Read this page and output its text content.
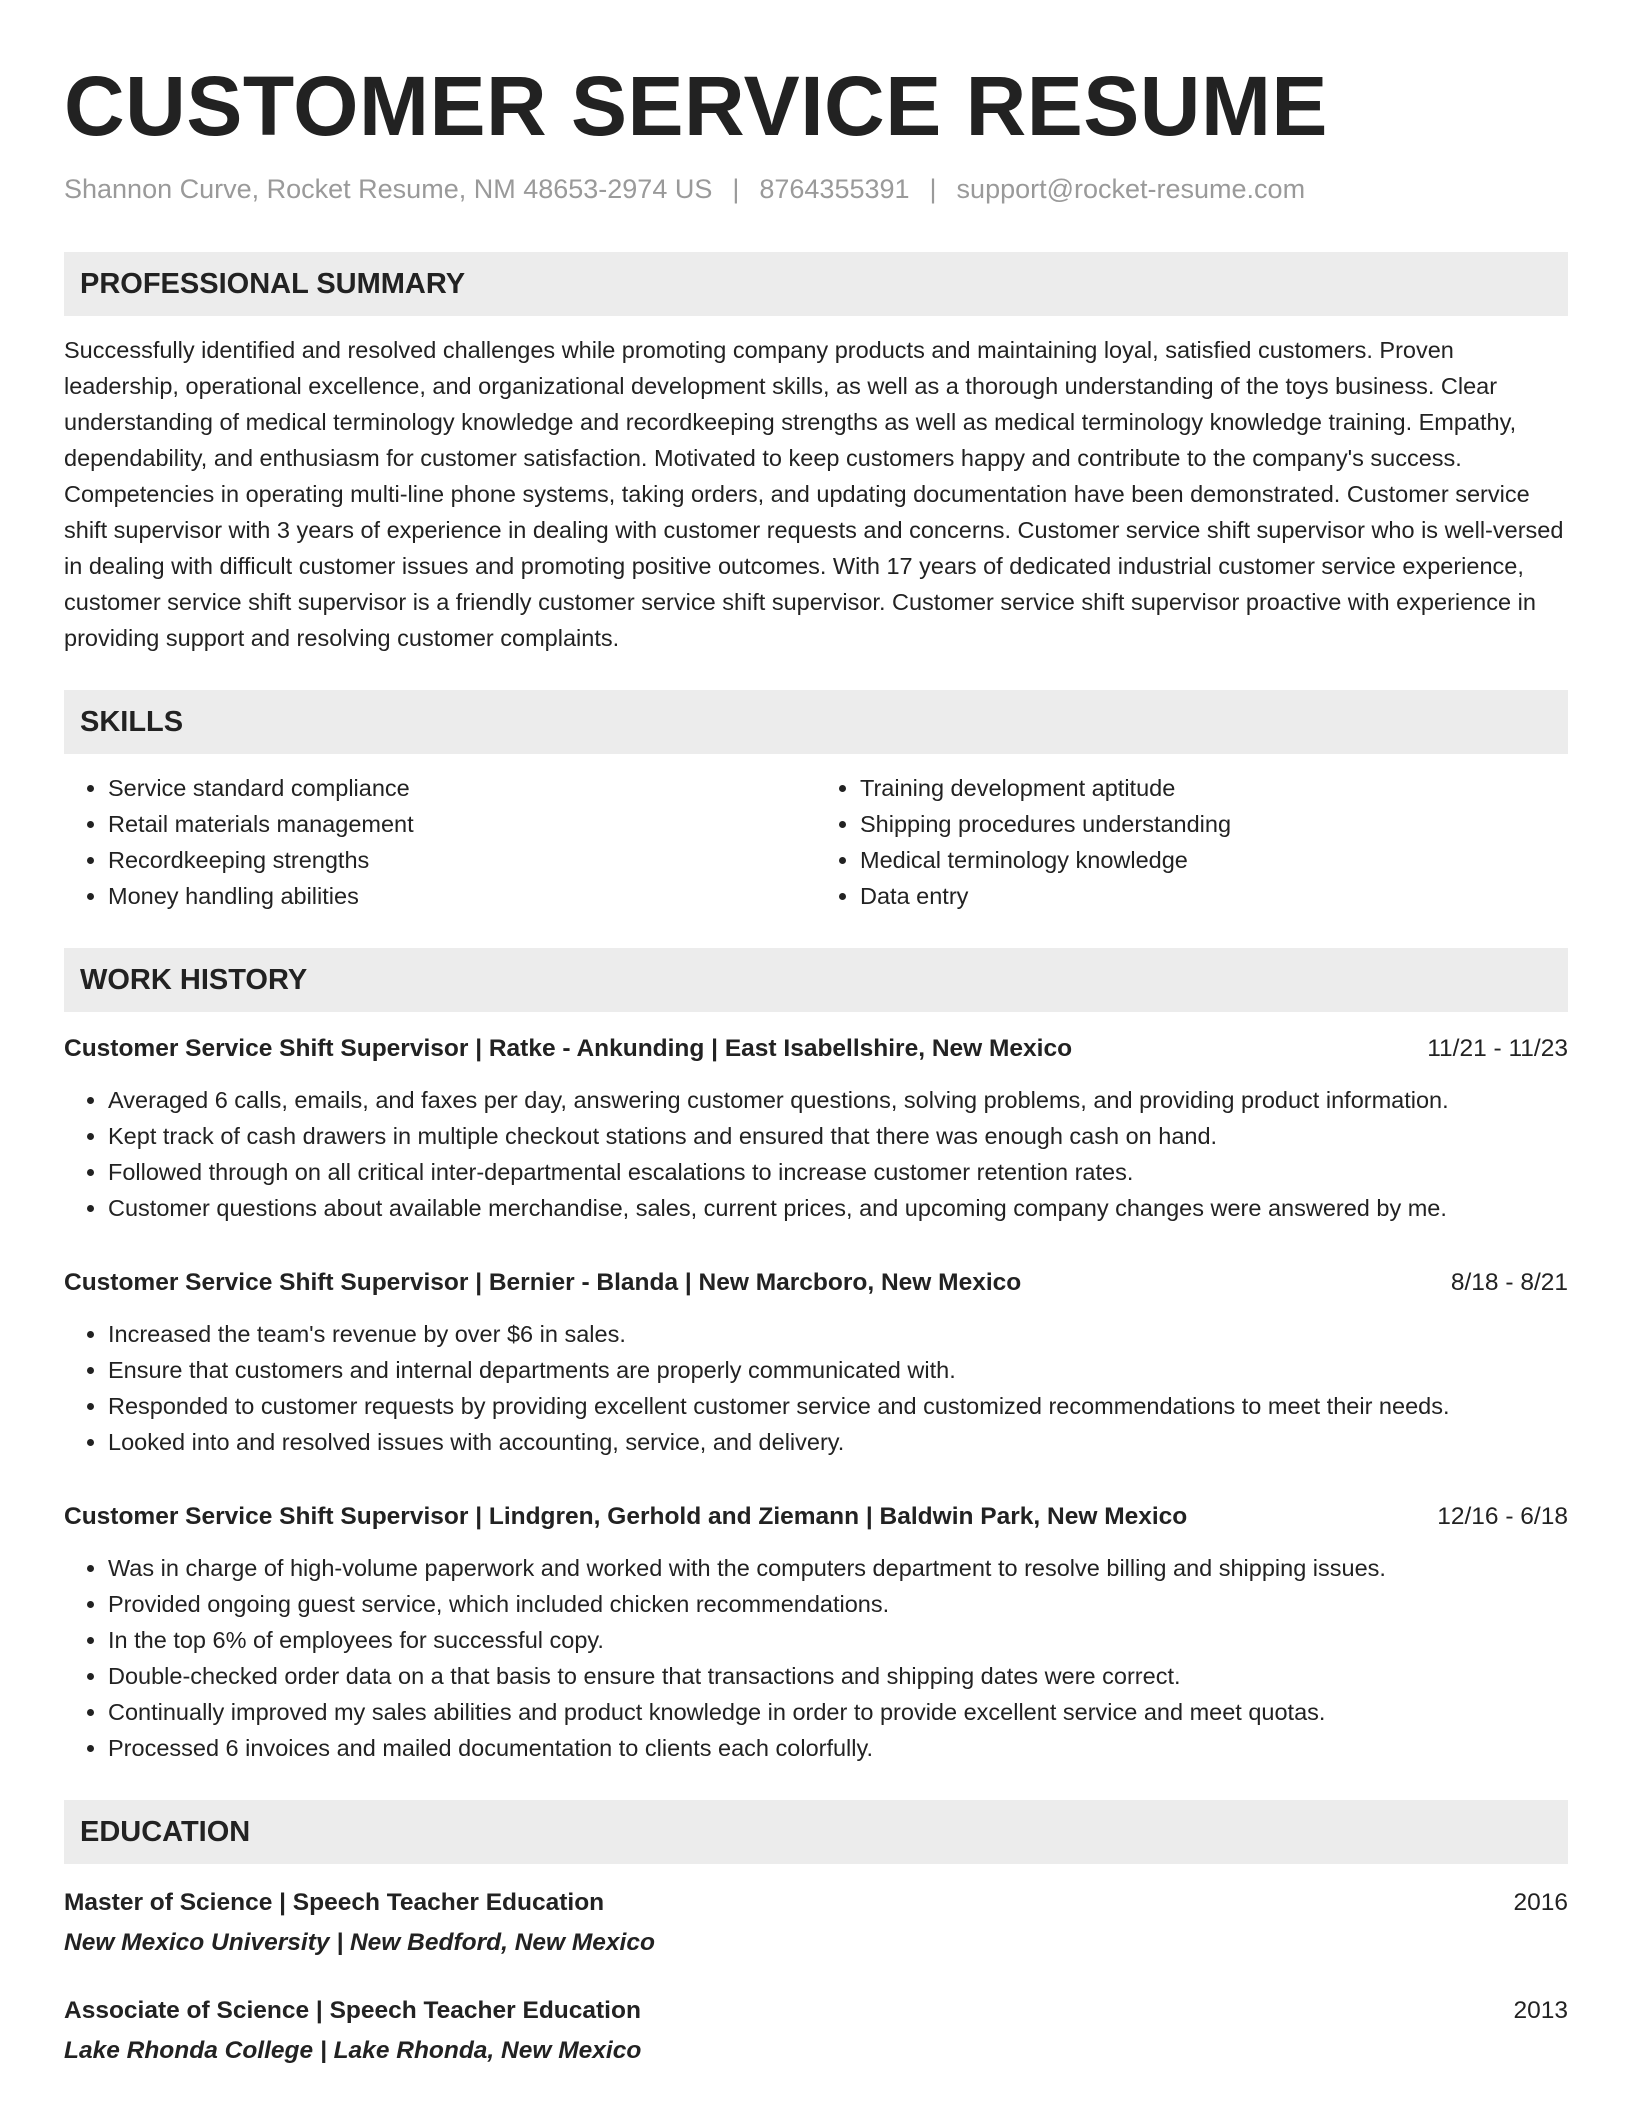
CUSTOMER SERVICE RESUME
Shannon Curve, Rocket Resume, NM 48653-2974 US | 8764355391 | support@rocket-resume.com
PROFESSIONAL SUMMARY

Successfully identified and resolved challenges while promoting company products and maintaining loyal, satisfied customers. Proven leadership, operational excellence, and organizational development skills, as well as a thorough understanding of the toys business. Clear understanding of medical terminology knowledge and recordkeeping strengths as well as medical terminology knowledge training. Empathy, dependability, and enthusiasm for customer satisfaction. Motivated to keep customers happy and contribute to the company's success. Competencies in operating multi-line phone systems, taking orders, and updating documentation have been demonstrated. Customer service shift supervisor with 3 years of experience in dealing with customer requests and concerns. Customer service shift supervisor who is well-versed in dealing with difficult customer issues and promoting positive outcomes. With 17 years of dedicated industrial customer service experience, customer service shift supervisor is a friendly customer service shift supervisor. Customer service shift supervisor proactive with experience in providing support and resolving customer complaints.

SKILLS
• Service standard compliance
• Retail materials management
• Recordkeeping strengths
• Money handling abilities
• Training development aptitude
• Shipping procedures understanding
• Medical terminology knowledge
• Data entry
WORK HISTORY
Customer Service Shift Supervisor | Ratke - Ankunding | East Isabellshire, New Mexico	11/21 - 11/23
• Averaged 6 calls, emails, and faxes per day, answering customer questions, solving problems, and providing product information.
• Kept track of cash drawers in multiple checkout stations and ensured that there was enough cash on hand.
• Followed through on all critical inter-departmental escalations to increase customer retention rates.
• Customer questions about available merchandise, sales, current prices, and upcoming company changes were answered by me.
Customer Service Shift Supervisor | Bernier - Blanda | New Marcboro, New Mexico	8/18 - 8/21
• Increased the team's revenue by over $6 in sales.
• Ensure that customers and internal departments are properly communicated with.
• Responded to customer requests by providing excellent customer service and customized recommendations to meet their needs.
• Looked into and resolved issues with accounting, service, and delivery.
Customer Service Shift Supervisor | Lindgren, Gerhold and Ziemann | Baldwin Park, New Mexico	12/16 - 6/18
• Was in charge of high-volume paperwork and worked with the computers department to resolve billing and shipping issues.
• Provided ongoing guest service, which included chicken recommendations.
• In the top 6% of employees for successful copy.
• Double-checked order data on a that basis to ensure that transactions and shipping dates were correct.
• Continually improved my sales abilities and product knowledge in order to provide excellent service and meet quotas.
• Processed 6 invoices and mailed documentation to clients each colorfully.
EDUCATION
Master of Science | Speech Teacher Education	2016
New Mexico University | New Bedford, New Mexico
Associate of Science | Speech Teacher Education	2013
Lake Rhonda College | Lake Rhonda, New Mexico
